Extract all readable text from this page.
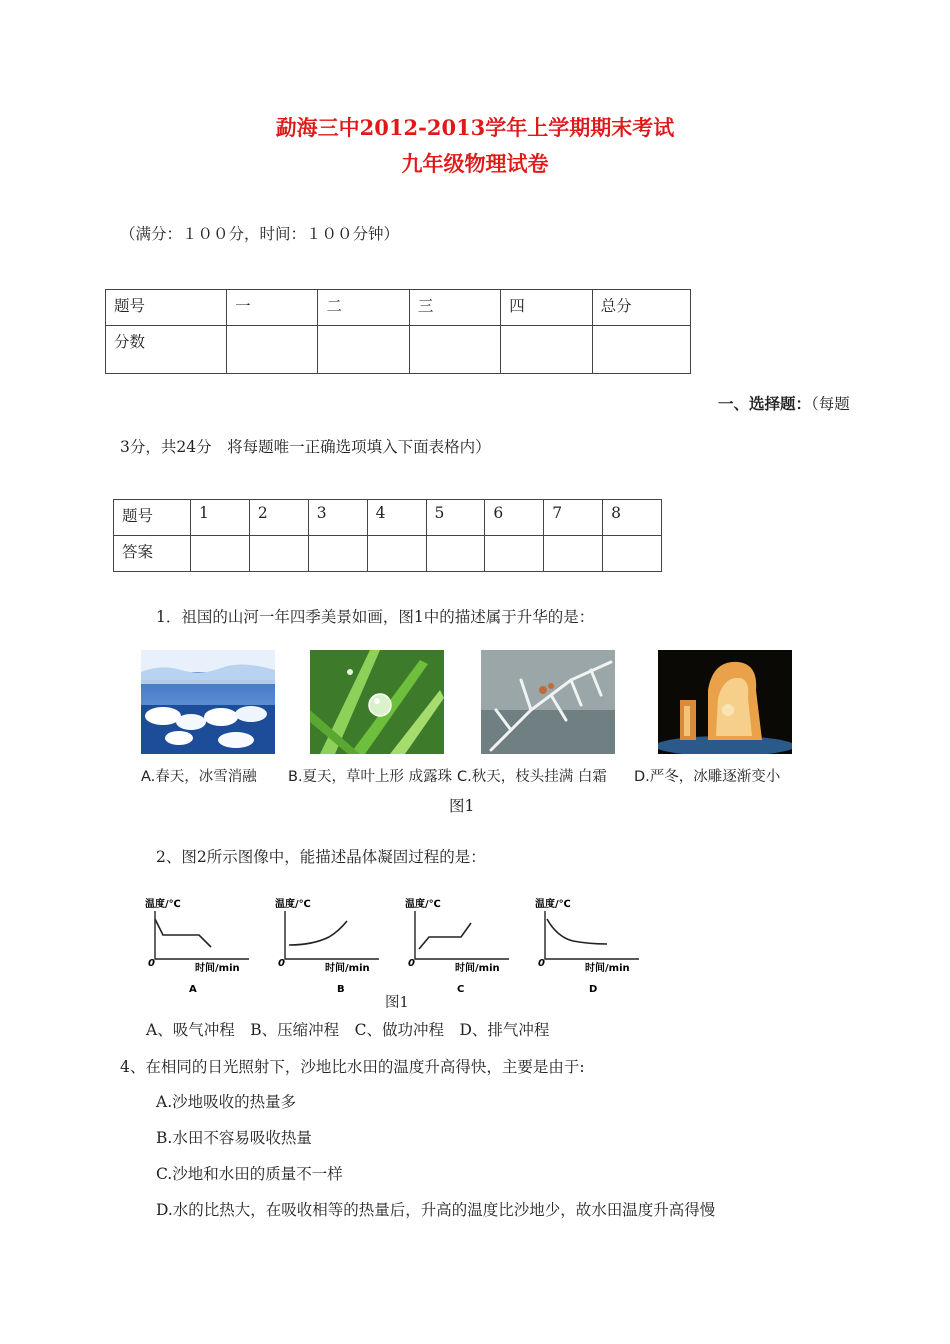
勐海三中2012-2013学年上学期期末考试
九年级物理试卷
（满分：１００分，时间：１００分钟）
题号	一	二	三	四	总分
分数					
一、选择题：（每题
3分，共24分　将每题唯一正确选项填入下面表格内）
题号	1	2	3	4	5	6	7	8
答案								
1．祖国的山河一年四季美景如画，图1中的描述属于升华的是：
A.春天，冰雪消融 B.夏天，草叶上形 成露珠 C.秋天，枝头挂满 白霜 D.严冬，冰雕逐渐变小
图1
2、图2所示图像中，能描述晶体凝固过程的是：
温度/℃
0	时间/min
A
温度/℃
0	时间/min
B
温度/℃
0	时间/min
C
温度/℃
0	时间/min
D
图1
A、吸气冲程　B、压缩冲程　C、做功冲程　D、排气冲程
4、在相同的日光照射下，沙地比水田的温度升高得快，主要是由于:
A.沙地吸收的热量多
B.水田不容易吸收热量
C.沙地和水田的质量不一样
D.水的比热大，在吸收相等的热量后，升高的温度比沙地少，故水田温度升高得慢
